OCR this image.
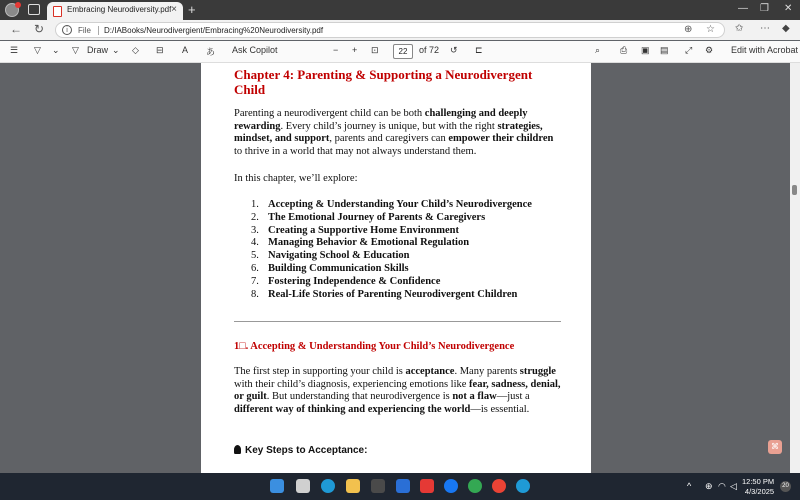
Embracing Neurodiversity.pdf × +	— ❐ ✕
← ↻	i	File D:/IABooks/Neurodivergient/Embracing%20Neurodiversity.pdf	⊕ ☆ ✩ ⋯ ◆
☰ ▽ ⌄ ▽ Draw ⌄ ◇ ⊟ A あ Ask Copilot	− + ⊡	22	of 72 ↺ ⊏	⌕ ⎙ ▣ ▤ ⤢ ⚙ Edit with Acrobat
Chapter 4: Parenting & Supporting a Neurodivergent Child
Parenting a neurodivergent child can be both challenging and deeply rewarding. Every child’s journey is unique, but with the right strategies, mindset, and support, parents and caregivers can empower their children to thrive in a world that may not always understand them.
In this chapter, we’ll explore:
1. Accepting & Understanding Your Child’s Neurodivergence
2. The Emotional Journey of Parents & Caregivers
3. Creating a Supportive Home Environment
4. Managing Behavior & Emotional Regulation
5. Navigating School & Education
6. Building Communication Skills
7. Fostering Independence & Confidence
8. Real-Life Stories of Parenting Neurodivergent Children
1□. Accepting & Understanding Your Child’s Neurodivergence
The first step in supporting your child is acceptance. Many parents struggle with their child’s diagnosis, experiencing emotions like fear, sadness, denial, or guilt. But understanding that neurodivergence is not a flaw—just a different way of thinking and experiencing the world—is essential.
Key Steps to Acceptance:	⌘
^ ⊕ ◠ ◁ 12:50 PM
4/3/2025
20
